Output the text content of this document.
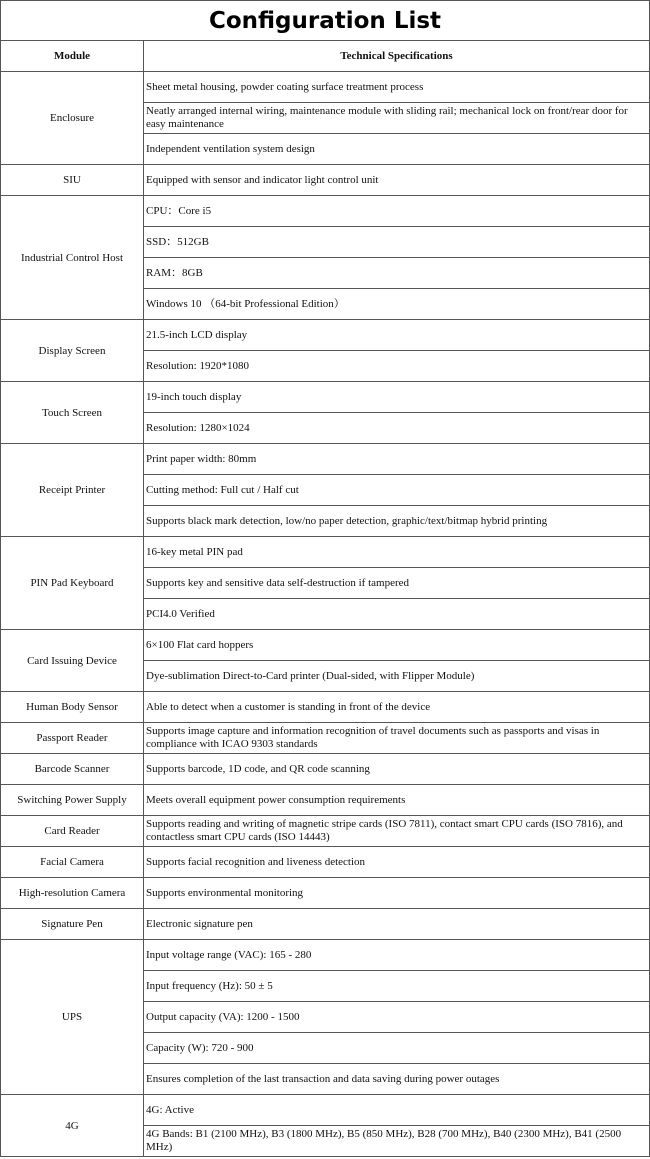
Configuration List
Module	Technical Specifications
Enclosure	Sheet metal housing, powder coating surface treatment process
	Neatly arranged internal wiring, maintenance module with sliding rail; mechanical lock on front/rear door for easy maintenance
	Independent ventilation system design
SIU	Equipped with sensor and indicator light control unit
Industrial Control Host	CPU：Core i5
	SSD：512GB
	RAM：8GB
	Windows 10 （64-bit Professional Edition）
Display Screen	21.5-inch LCD display
	Resolution: 1920*1080
Touch Screen	19-inch touch display
	Resolution: 1280×1024
Receipt Printer	Print paper width: 80mm
	Cutting method: Full cut / Half cut
	Supports black mark detection, low/no paper detection, graphic/text/bitmap hybrid printing
PIN Pad Keyboard	16-key metal PIN pad
	Supports key and sensitive data self-destruction if tampered
	PCI4.0 Verified
Card Issuing Device	6×100 Flat card hoppers
	Dye-sublimation Direct-to-Card printer (Dual-sided, with Flipper Module)
Human Body Sensor	Able to detect when a customer is standing in front of the device
Passport Reader	Supports image capture and information recognition of travel documents such as passports and visas in compliance with ICAO 9303 standards
Barcode Scanner	Supports barcode, 1D code, and QR code scanning
Switching Power Supply	Meets overall equipment power consumption requirements
Card Reader	Supports reading and writing of magnetic stripe cards (ISO 7811), contact smart CPU cards (ISO 7816), and contactless smart CPU cards (ISO 14443)
Facial Camera	Supports facial recognition and liveness detection
High-resolution Camera	Supports environmental monitoring
Signature Pen	Electronic signature pen
UPS	Input voltage range (VAC): 165 - 280
	Input frequency (Hz): 50 ± 5
	Output capacity (VA): 1200 - 1500
	Capacity (W): 720 - 900
	Ensures completion of the last transaction and data saving during power outages
4G	4G: Active
	4G Bands: B1 (2100 MHz), B3 (1800 MHz), B5 (850 MHz), B28 (700 MHz), B40 (2300 MHz), B41 (2500 MHz)
